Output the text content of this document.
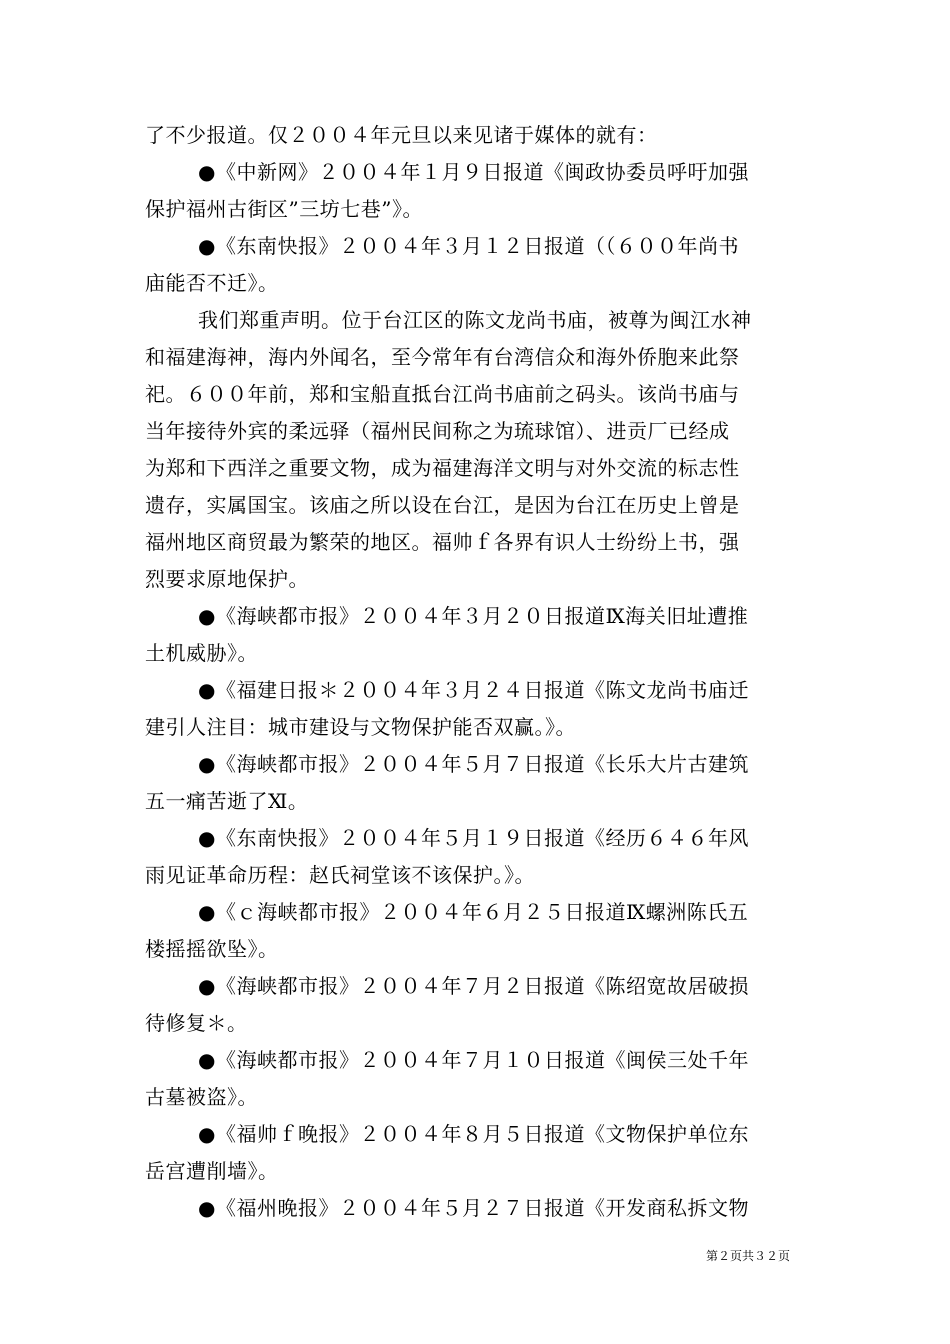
了不少报道。仅２００４年元旦以来见诸于媒体的就有：
●《中新网》２００４年１月９日报道《闽政协委员呼吁加强
保护福州古街区”三坊七巷”》。
●《东南快报》２００４年３月１２日报道（（６００年尚书
庙能否不迁》。
我们郑重声明。位于台江区的陈文龙尚书庙，被尊为闽江水神
和福建海神，海内外闻名，至今常年有台湾信众和海外侨胞来此祭
祀。６００年前，郑和宝船直抵台江尚书庙前之码头。该尚书庙与
当年接待外宾的柔远驿（福州民间称之为琉球馆）、进贡厂已经成
为郑和下西洋之重要文物，成为福建海洋文明与对外交流的标志性
遗存，实属国宝。该庙之所以设在台江，是因为台江在历史上曾是
福州地区商贸最为繁荣的地区。福帅ｆ各界有识人士纷纷上书，强
烈要求原地保护。
●《海峡都市报》２００４年３月２０日报道Ⅸ海关旧址遭推
土机威胁》。
●《福建日报＊２００４年３月２４日报道《陈文龙尚书庙迁
建引人注目：城市建设与文物保护能否双赢。》。
●《海峡都市报》２００４年５月７日报道《长乐大片古建筑
五一痛苦逝了Ⅺ。
●《东南快报》２００４年５月１９日报道《经历６４６年风
雨见证革命历程：赵氏祠堂该不该保护。》。
●《ｃ海峡都市报》２００４年６月２５日报道Ⅸ螺洲陈氏五
楼摇摇欲坠》。
●《海峡都市报》２００４年７月２日报道《陈绍宽故居破损
待修复＊。
●《海峡都市报》２００４年７月１０日报道《闽侯三处千年
古墓被盗》。
●《福帅ｆ晚报》２００４年８月５日报道《文物保护单位东
岳宫遭削墙》。
●《福州晚报》２００４年５月２７日报道《开发商私拆文物
第２页共３２页
